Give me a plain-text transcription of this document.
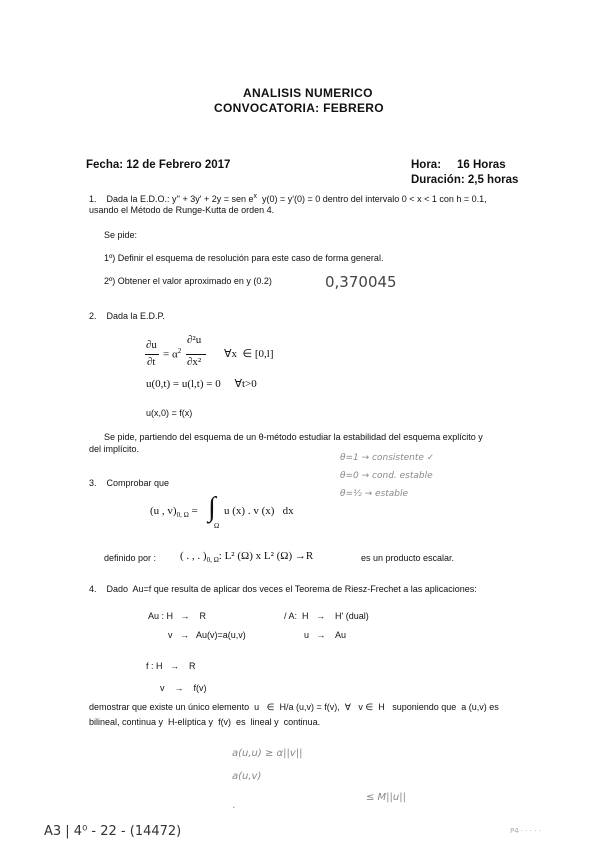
ANALISIS NUMERICO
CONVOCATORIA: FEBRERO
Fecha: 12 de Febrero 2017	Hora:     16 Horas
Duración: 2,5 horas
1.    Dada la E.D.O.: y'' + 3y' + 2y = sen $e^x$ y(0) = y'(0) = 0 dentro del intervalo 0 < x < 1 con h = 0.1,
usando el Método de Runge-Kutta de orden 4.
Se pide:
1º) Definir el esquema de resolución para este caso de forma general.
2º) Obtener el valor aproximado en y (0.2)	0,370045
2.    Dada la E.D.P.
∂u
∂t
= $\alpha^2$
∂²u
∂x²
∀x  ∈ [0,l]
u(0,t) = u(l,t) = 0     ∀t>0
u(x,0) = f(x)
Se pide, partiendo del esquema de un θ-método estudiar la estabilidad del esquema explícito y
del implícito.
θ=1 → consistente ✓
θ=0 → cond. estable
θ=½ → estable
3.    Comprobar que
(u , $v)_{0, \Omega}$ = ∫
Ω
u (x) . v (x)   dx
definido por : ( . , . )$_{0, \Omega}$: L² (Ω) x L² (Ω) →R	es un producto escalar.
4.    Dado  Au=f que resulta de aplicar dos veces el Teorema de Riesz-Frechet a las aplicaciones:
Au : H   →    R
v   →   Au(v)=a(u,v)
/ A:  H   →    H' (dual)
u   →    Au
f : H   →    R
v    →    f(v)
demostrar que existe un único elemento  u   ∈  H/a (u,v) = f(v),  ∀   v ∈  H   suponiendo que  a (u,v) es
bilineal, continua y  H-elíptica y  f(v)  es  lineal y  continua.
a(u,u) ≥ α||v||
a(u,v)
≤ M||u||
·
A3 | 4⁰ - 22 - (14472)	P4 · · · · ·
